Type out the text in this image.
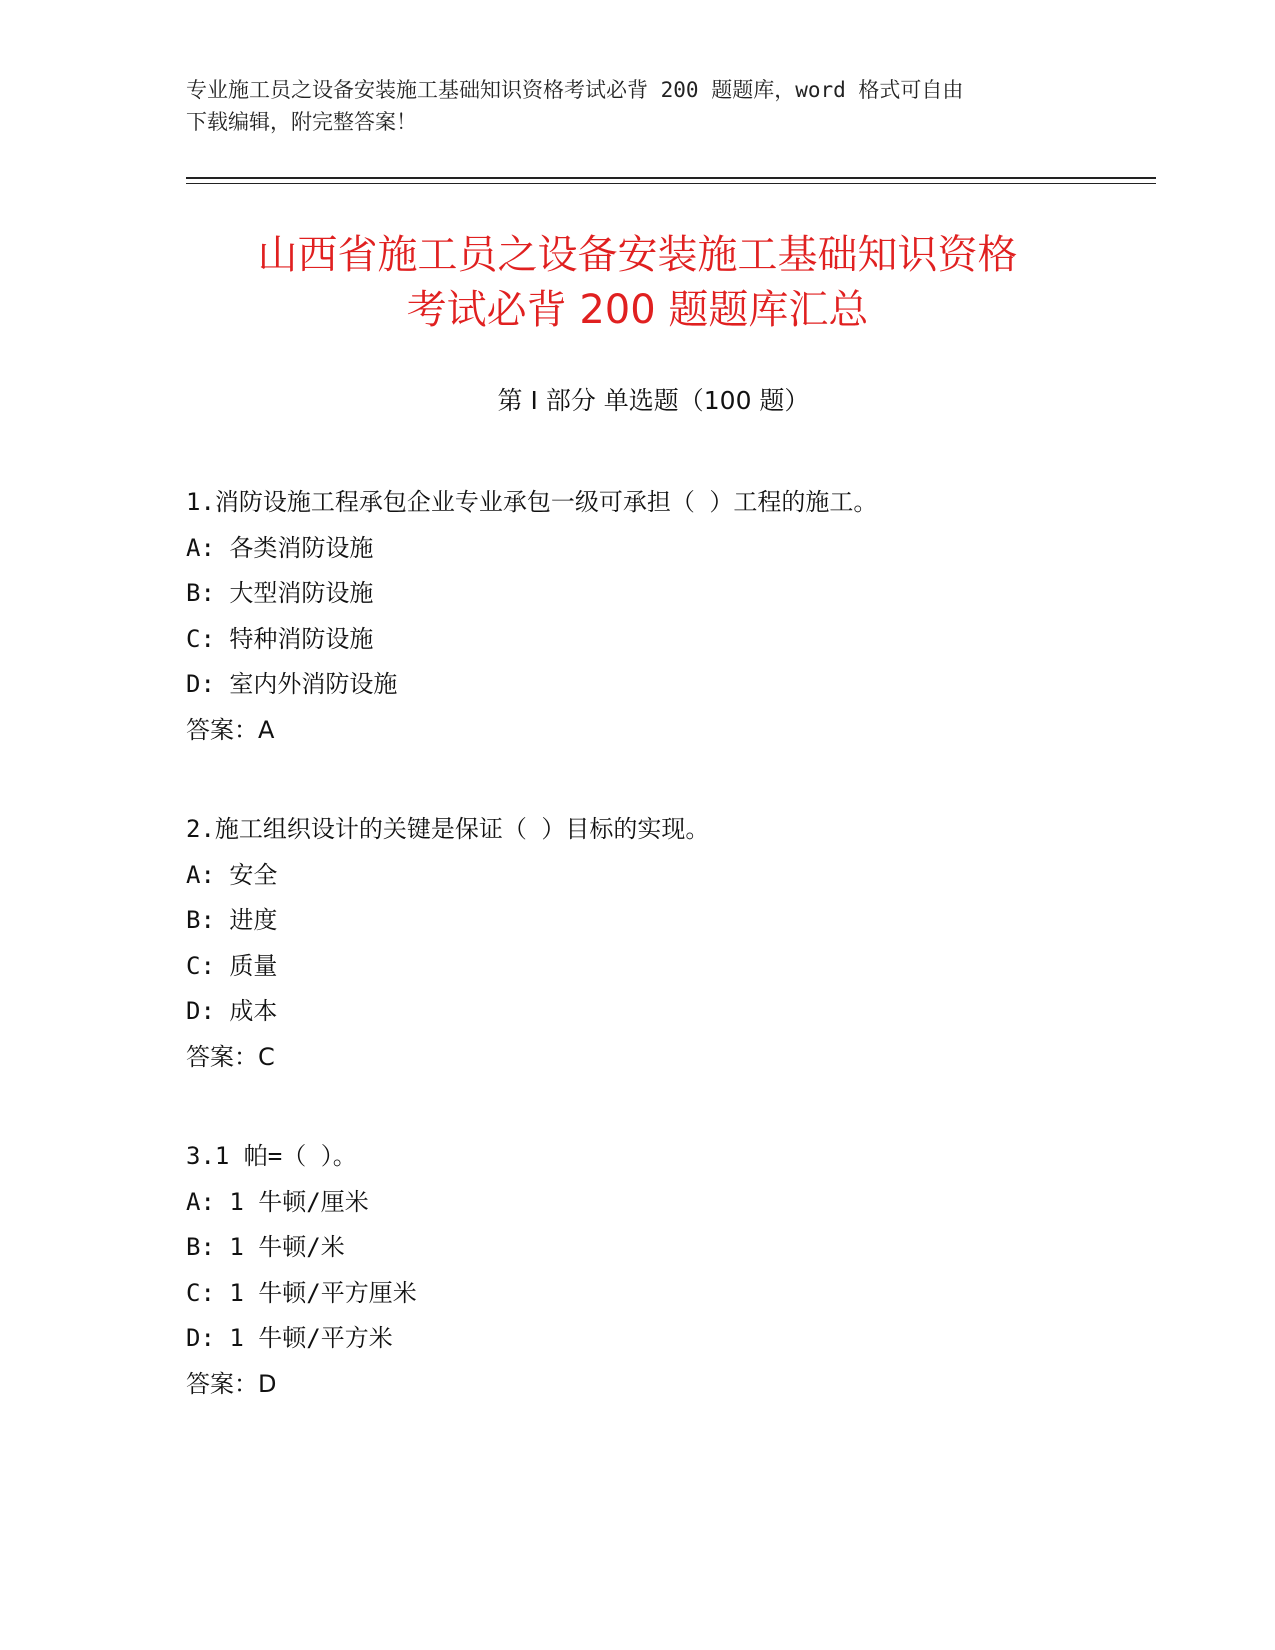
专业施工员之设备安装施工基础知识资格考试必背 200 题题库，word 格式可自由
下载编辑，附完整答案！
山西省施工员之设备安装施工基础知识资格
考试必背 200 题题库汇总
第 I 部分 单选题（100 题）
1.消防设施工程承包企业专业承包一级可承担（ ）工程的施工。
A: 各类消防设施
B: 大型消防设施
C: 特种消防设施
D: 室内外消防设施
答案：A
2.施工组织设计的关键是保证（ ）目标的实现。
A: 安全
B: 进度
C: 质量
D: 成本
答案：C
3.1 帕=（ ）。
A: 1 牛顿/厘米
B: 1 牛顿/米
C: 1 牛顿/平方厘米
D: 1 牛顿/平方米
答案：D
